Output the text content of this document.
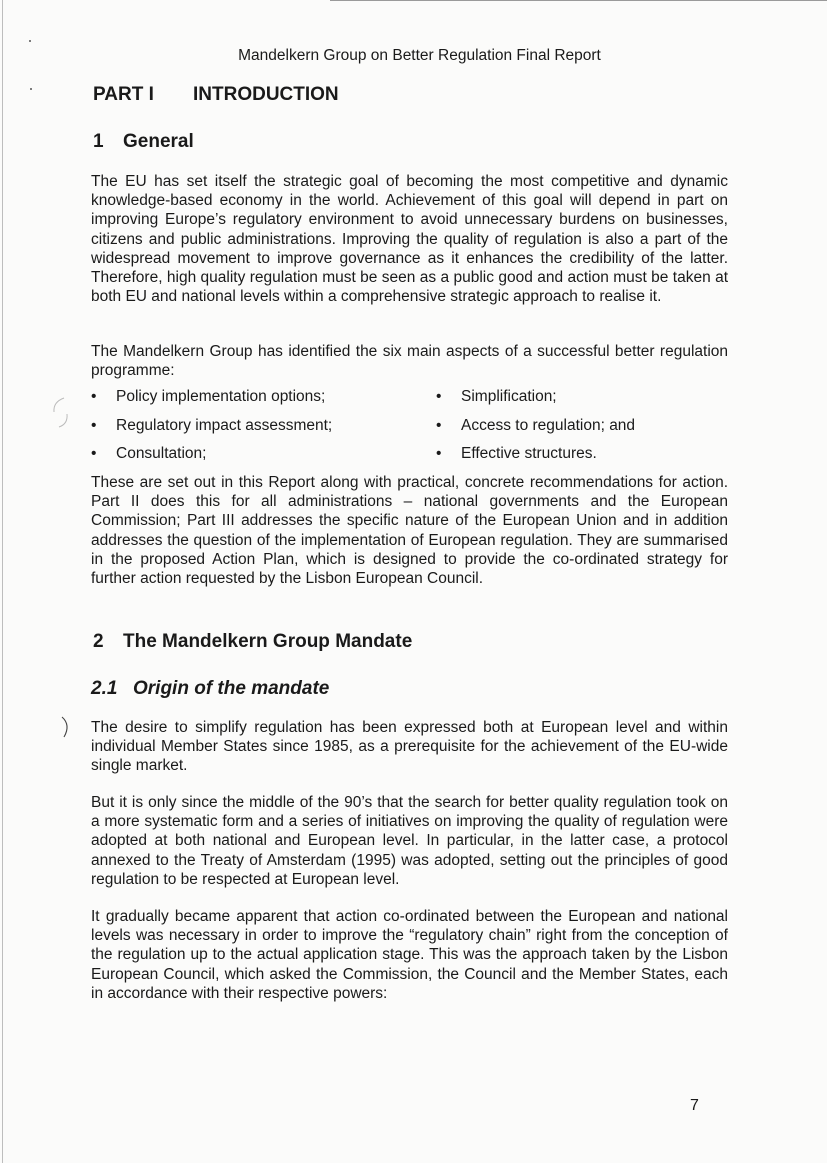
Mandelkern Group on Better Regulation Final Report
PART I INTRODUCTION
1 General
The EU has set itself the strategic goal of becoming the most competitive and dynamic knowledge-based economy in the world. Achievement of this goal will depend in part on improving Europe’s regulatory environment to avoid unnecessary burdens on businesses, citizens and public administrations. Improving the quality of regulation is also a part of the widespread movement to improve governance as it enhances the credibility of the latter. Therefore, high quality regulation must be seen as a public good and action must be taken at both EU and national levels within a comprehensive strategic approach to realise it.
The Mandelkern Group has identified the six main aspects of a successful better regulation programme:
• Policy implementation options;	• Simplification;
• Regulatory impact assessment;	• Access to regulation; and
• Consultation;	• Effective structures.
These are set out in this Report along with practical, concrete recommendations for action. Part II does this for all administrations – national governments and the European Commission; Part III addresses the specific nature of the European Union and in addition addresses the question of the implementation of European regulation. They are summarised in the proposed Action Plan, which is designed to provide the co-ordinated strategy for further action requested by the Lisbon European Council.
2 The Mandelkern Group Mandate
2.1 Origin of the mandate
The desire to simplify regulation has been expressed both at European level and within individual Member States since 1985, as a prerequisite for the achievement of the EU-wide single market.
But it is only since the middle of the 90’s that the search for better quality regulation took on a more systematic form and a series of initiatives on improving the quality of regulation were adopted at both national and European level. In particular, in the latter case, a protocol annexed to the Treaty of Amsterdam (1995) was adopted, setting out the principles of good regulation to be respected at European level.
It gradually became apparent that action co-ordinated between the European and national levels was necessary in order to improve the “regulatory chain” right from the conception of the regulation up to the actual application stage. This was the approach taken by the Lisbon European Council, which asked the Commission, the Council and the Member States, each in accordance with their respective powers:
7
